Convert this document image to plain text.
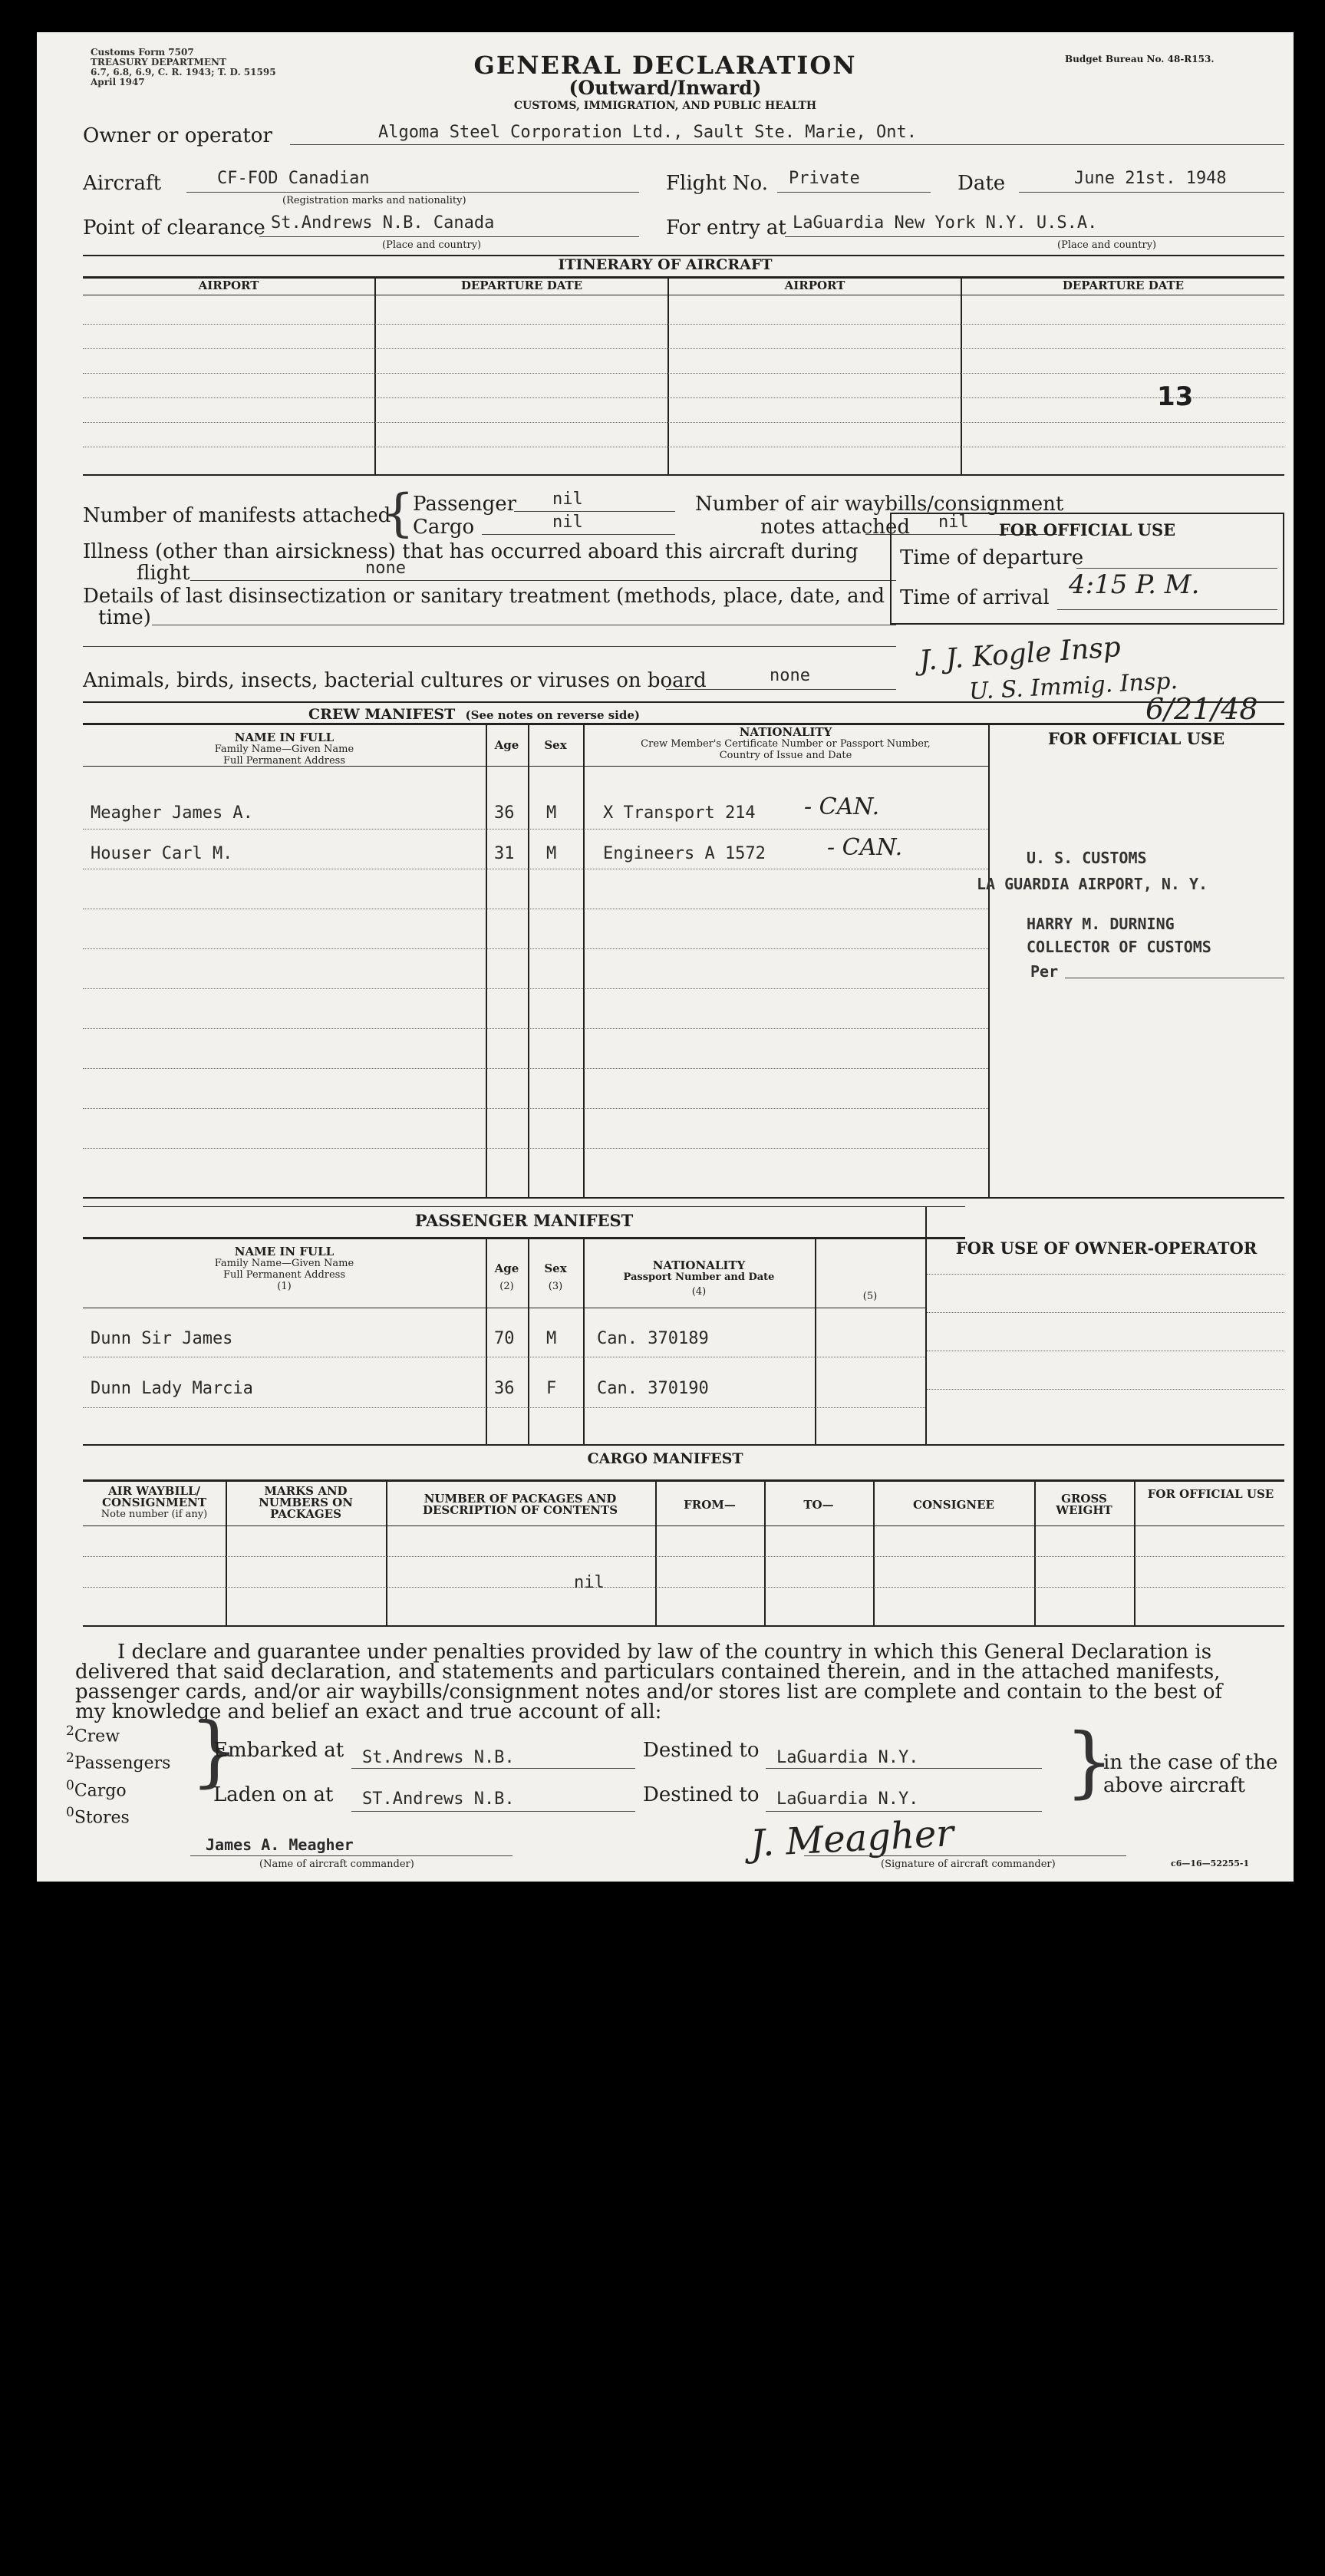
Customs Form 7507
TREASURY DEPARTMENT
6.7, 6.8, 6.9, C. R. 1943; T. D. 51595
April 1947
GENERAL DECLARATION
(Outward/Inward)
CUSTOMS, IMMIGRATION, AND PUBLIC HEALTH
Budget Bureau No. 48-R153.
Owner or operator	Algoma Steel Corporation Ltd., Sault Ste. Marie, Ont.
Aircraft	CF-FOD Canadian
(Registration marks and nationality)
Flight No. Private	Date	June 21st. 1948
Point of clearance St.Andrews N.B. Canada
(Place and country)
For entry at LaGuardia New York N.Y. U.S.A.
(Place and country)
ITINERARY OF AIRCRAFT
AIRPORT	DEPARTURE DATE	AIRPORT	DEPARTURE DATE
13
Number of manifests attached
{
Passenger nil
Cargo	nil
Number of air waybills/consignment
notes attached nil
Illness (other than airsickness) that has occurred aboard this aircraft during
flight	none
Details of last disinsectization or sanitary treatment (methods, place, date, and
time)
Animals, birds, insects, bacterial cultures or viruses on board	none
FOR OFFICIAL USE
Time of departure
Time of arrival 4:15 P. M.
J. J. Kogle Insp
U. S. Immig. Insp.
6/21/48
CREW MANIFEST (See notes on reverse side)
NAME IN FULL
Family Name—Given Name
Full Permanent Address
Age	Sex
NATIONALITY
Crew Member's Certificate Number or Passport Number,
Country of Issue and Date
FOR OFFICIAL USE
Meagher James A.	36 M	X Transport 214 - CAN.
Houser Carl M.	31 M	Engineers A 1572	- CAN.	U. S. CUSTOMS
LA GUARDIA AIRPORT, N. Y.
HARRY M. DURNING
COLLECTOR OF CUSTOMS
Per
PASSENGER MANIFEST
FOR USE OF OWNER-OPERATOR
NAME IN FULL
Family Name—Given Name
Full Permanent Address
(1)
Age
(2)
Sex
(3)
NATIONALITY
Passport Number and Date
(4)	(5)
Dunn Sir James	70 M Can. 370189
Dunn Lady Marcia	36 F Can. 370190
CARGO MANIFEST
AIR WAYBILL/ CONSIGNMENT
Note number (if any)
MARKS AND NUMBERS ON PACKAGES
NUMBER OF PACKAGES AND DESCRIPTION OF CONTENTS	FROM—	TO—	CONSIGNEE	GROSS WEIGHT
FOR OFFICIAL USE
nil
I declare and guarantee under penalties provided by law of the country in which this General Declaration is delivered that said declaration, and statements and particulars contained therein, and in the attached manifests, passenger cards, and/or air waybills/consignment notes and/or stores list are complete and contain to the best of my knowledge and belief an exact and true account of all:
$^2$Crew
$^2$Passengers
$^0$Cargo
$^0$Stores
}
Embarked at St.Andrews N.B.
Laden on at ST.Andrews N.B.
Destined to LaGuardia N.Y.
Destined to LaGuardia N.Y. }
in the case of the
above aircraft
James A. Meagher
(Name of aircraft commander)	J. Meagher
(Signature of aircraft commander)	c6—16—52255-1
